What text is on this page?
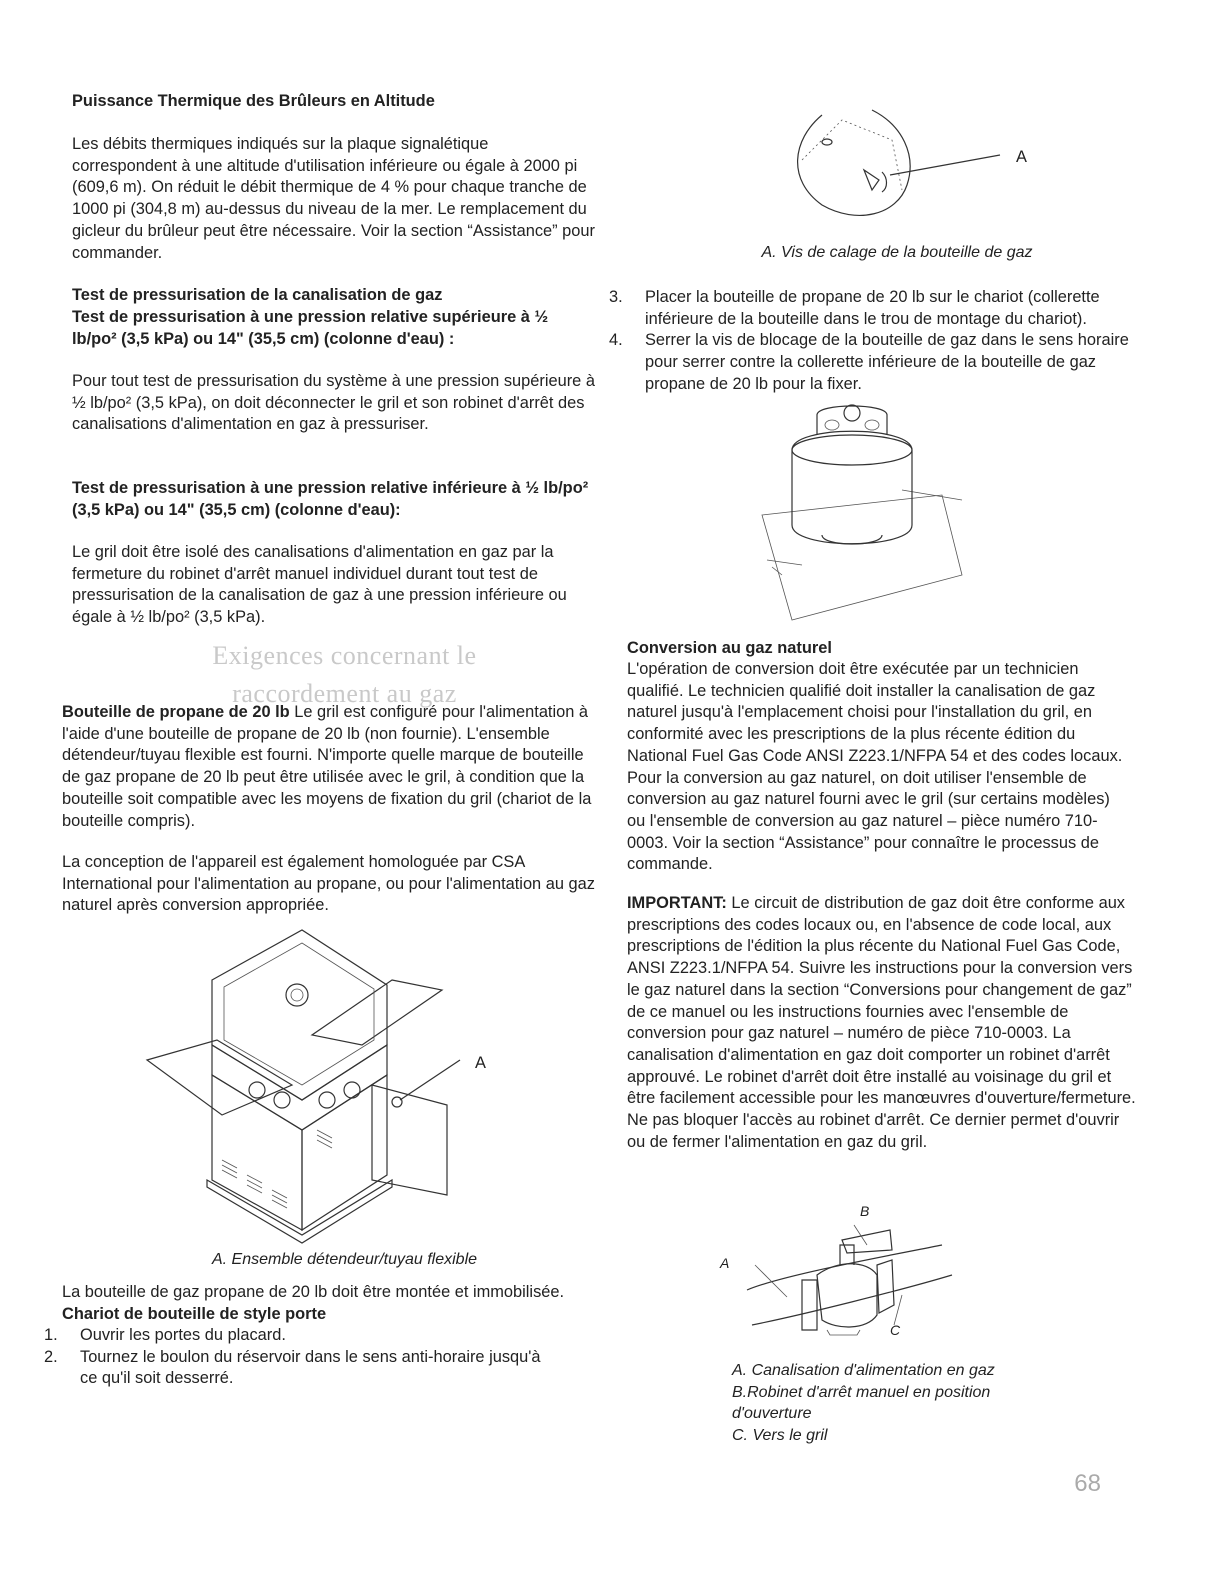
Puissance Thermique des Brûleurs en Altitude

Les débits thermiques indiqués sur la plaque signalétique correspondent à une altitude d'utilisation inférieure ou égale à 2000 pi (609,6 m). On réduit le débit thermique de 4 % pour chaque tranche de 1000 pi (304,8 m) au-dessus du niveau de la mer. Le remplacement du gicleur du brûleur peut être nécessaire. Voir la section “Assistance” pour commander.

Test de pressurisation de la canalisation de gaz
Test de pressurisation à une pression relative supérieure à ½ lb/po² (3,5 kPa) ou 14" (35,5 cm) (colonne d'eau) :

Pour tout test de pressurisation du système à une pression supérieure à ½ lb/po² (3,5 kPa), on doit déconnecter le gril et son robinet d'arrêt des canalisations d'alimentation en gaz à pressuriser.

Test de pressurisation à une pression relative inférieure à ½ lb/po² (3,5 kPa) ou 14" (35,5 cm) (colonne d'eau):

Le gril doit être isolé des canalisations d'alimentation en gaz par la fermeture du robinet d'arrêt manuel individuel durant tout test de pressurisation de la canalisation de gaz à une pression inférieure ou égale à ½ lb/po² (3,5 kPa).

Exigences concernant le
raccordement au gaz

Bouteille de propane de 20 lb Le gril est configuré pour l'alimentation à l'aide d'une bouteille de propane de 20 lb (non fournie). L'ensemble détendeur/tuyau flexible est fourni. N'importe quelle marque de bouteille de gaz propane de 20 lb peut être utilisée avec le gril, à condition que la bouteille soit compatible avec les moyens de fixation du gril (chariot de la bouteille compris).

La conception de l'appareil est également homologuée par CSA International pour l'alimentation au propane, ou pour l'alimentation au gaz naturel après conversion appropriée.

A

A. Ensemble détendeur/tuyau flexible

La bouteille de gaz propane de 20 lb doit être montée et immobilisée.

Chariot de bouteille de style porte

1. Ouvrir les portes du placard.

2. Tournez le boulon du réservoir dans le sens anti-horaire jusqu'à ce qu'il soit desserré.

A

A. Vis de calage de la bouteille de gaz

3. Placer la bouteille de propane de 20 lb sur le chariot (collerette inférieure de la bouteille dans le trou de montage du chariot).

4. Serrer la vis de blocage de la bouteille de gaz dans le sens horaire pour serrer contre la collerette inférieure de la bouteille de gaz propane de 20 lb pour la fixer.

Conversion au gaz naturel

L'opération de conversion doit être exécutée par un technicien qualifié. Le technicien qualifié doit installer la canalisation de gaz naturel jusqu'à l'emplacement choisi pour l'installation du gril, en conformité avec les prescriptions de la plus récente édition du National Fuel Gas Code ANSI Z223.1/NFPA 54 et des codes locaux. Pour la conversion au gaz naturel, on doit utiliser l'ensemble de conversion au gaz naturel fourni avec le gril (sur certains modèles) ou l'ensemble de conversion au gaz naturel – pièce numéro 710-0003. Voir la section “Assistance” pour connaître le processus de commande.

IMPORTANT: Le circuit de distribution de gaz doit être conforme aux prescriptions des codes locaux ou, en l'absence de code local, aux prescriptions de l'édition la plus récente du National Fuel Gas Code, ANSI Z223.1/NFPA 54. Suivre les instructions pour la conversion vers le gaz naturel dans la section “Conversions pour changement de gaz” de ce manuel ou les instructions fournies avec l'ensemble de conversion pour gaz naturel – numéro de pièce 710-0003. La canalisation d'alimentation en gaz doit comporter un robinet d'arrêt approuvé. Le robinet d'arrêt doit être installé au voisinage du gril et être facilement accessible pour les manœuvres d'ouverture/fermeture. Ne pas bloquer l'accès au robinet d'arrêt. Ce dernier permet d'ouvrir ou de fermer l'alimentation en gaz du gril.

B
A
C
A. Canalisation d'alimentation en gaz
B.Robinet d'arrêt manuel en position
d'ouverture
C. Vers le gril
68
